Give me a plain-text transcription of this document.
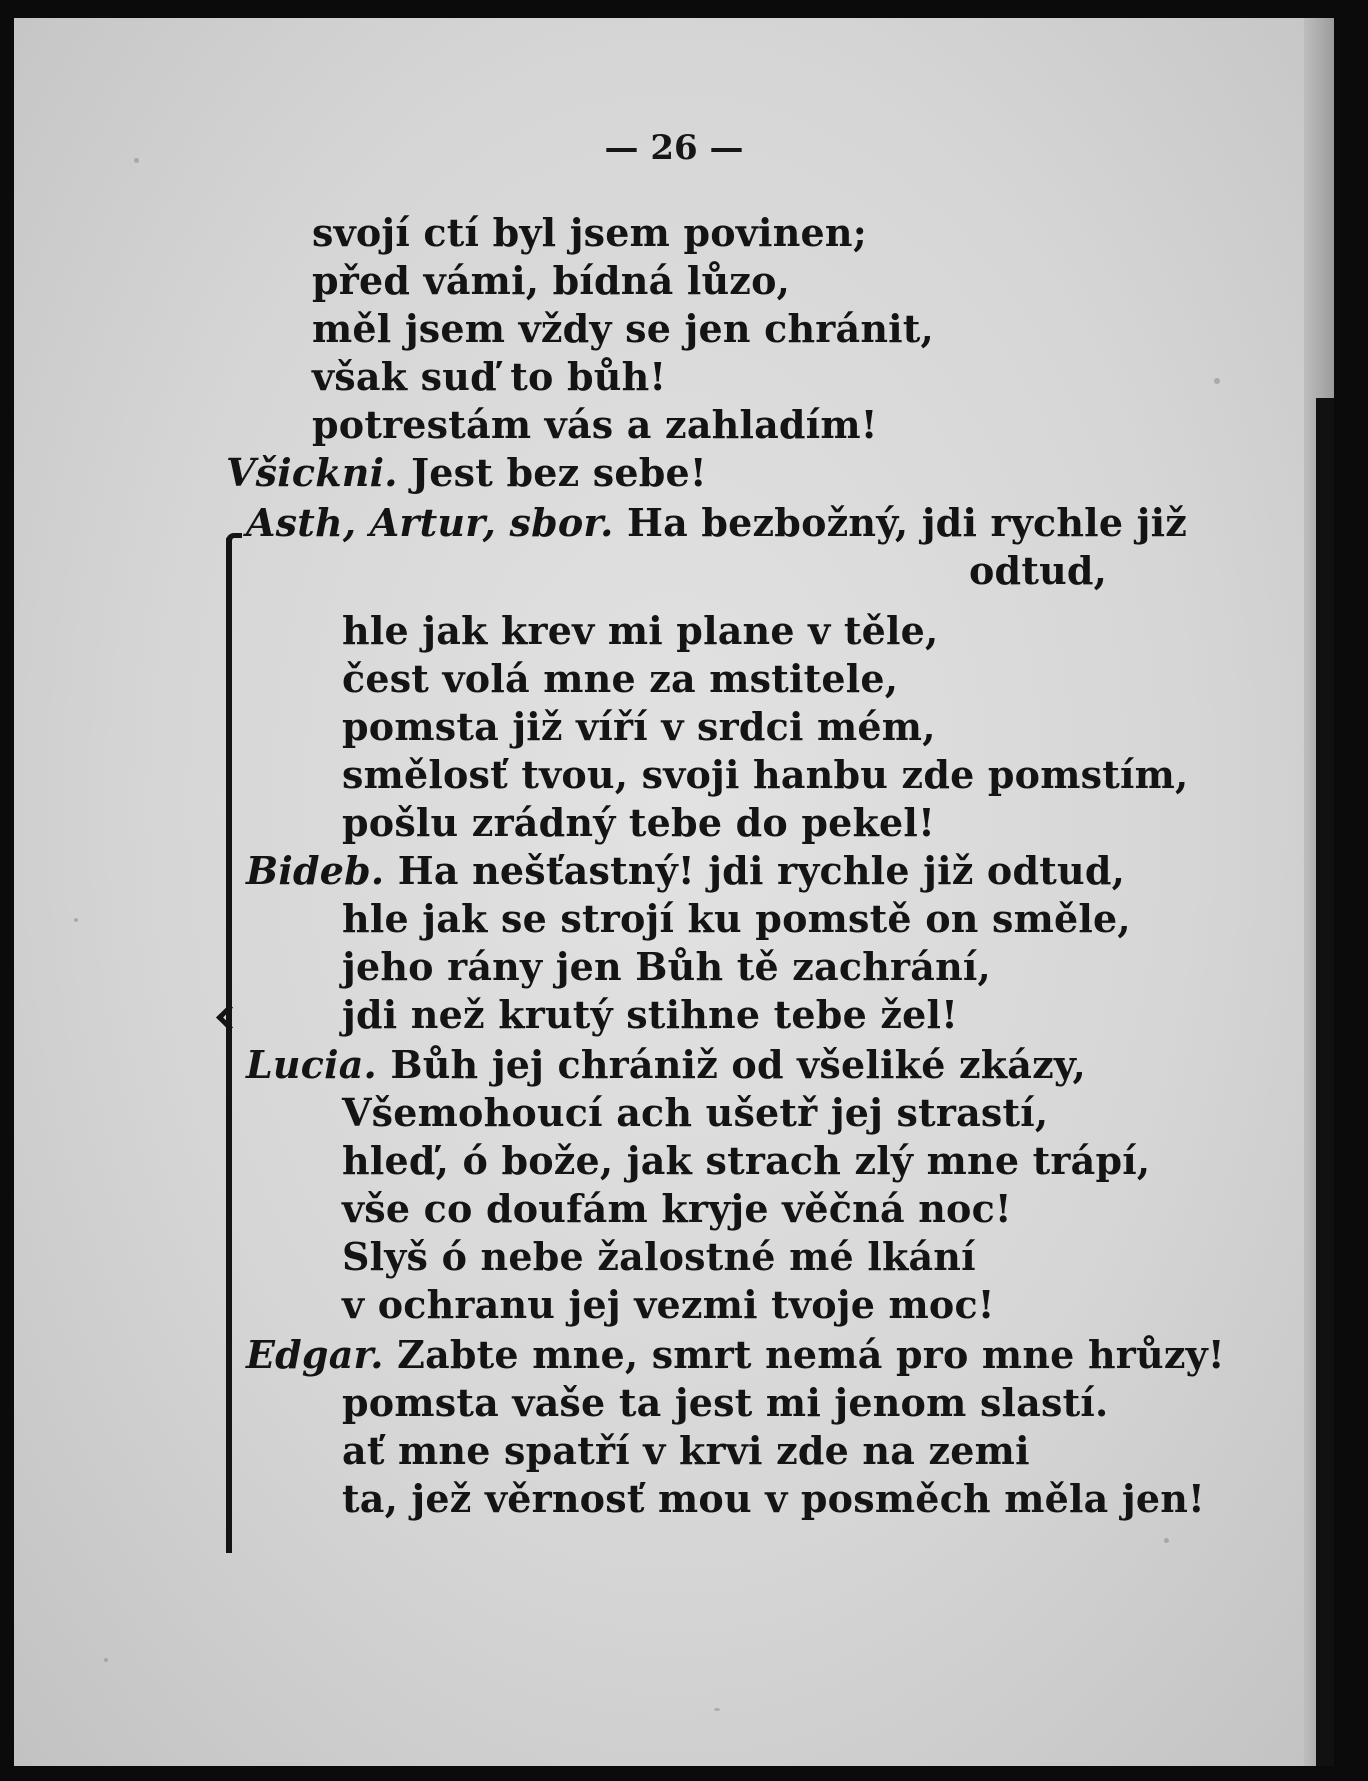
— 26 —
svojí ctí byl jsem povinen;
před vámi, bídná lůzo,
měl jsem vždy se jen chránit,
však suď to bůh!
potrestám vás a zahladím!
Všickni. Jest bez sebe!
Asth, Artur, sbor. Ha bezbožný, jdi rychle již
odtud,
hle jak krev mi plane v těle,
čest volá mne za mstitele,
pomsta již víří v srdci mém,
smělosť tvou, svoji hanbu zde pomstím,
pošlu zrádný tebe do pekel!
Bideb. Ha nešťastný! jdi rychle již odtud,
hle jak se strojí ku pomstě on směle,
jeho rány jen Bůh tě zachrání,
jdi než krutý stihne tebe žel!
Lucia. Bůh jej chrániž od všeliké zkázy,
Všemohoucí ach ušetř jej strastí,
hleď, ó bože, jak strach zlý mne trápí,
vše co doufám kryje věčná noc!
Slyš ó nebe žalostné mé lkání
v ochranu jej vezmi tvoje moc!
Edgar. Zabte mne, smrt nemá pro mne hrůzy!
pomsta vaše ta jest mi jenom slastí.
ať mne spatří v krvi zde na zemi
ta, jež věrnosť mou v posměch měla jen!
